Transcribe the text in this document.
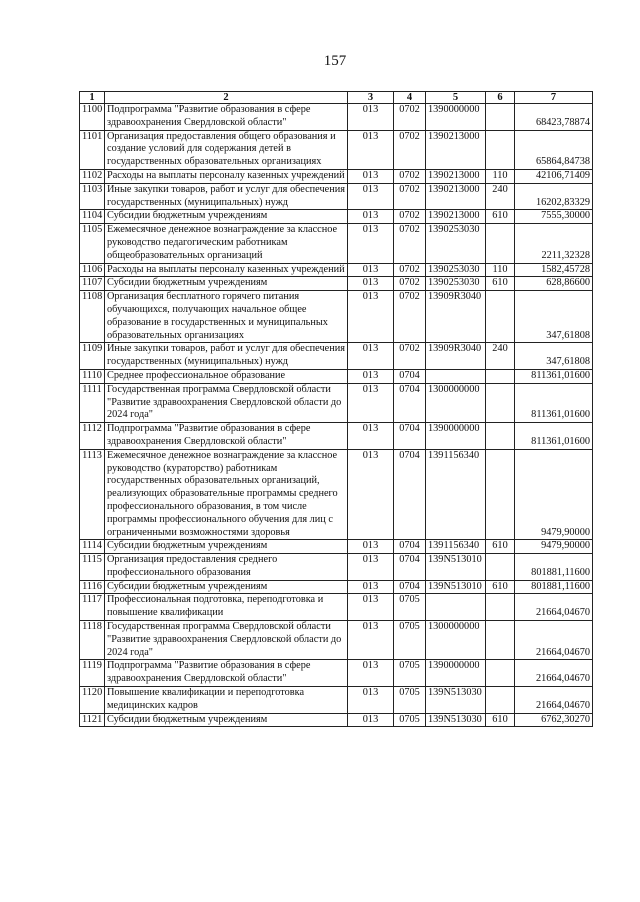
157
1	2	3	4	5	6	7
1100	Подпрограмма "Развитие образования в сфере здравоохранения Свердловской области"	013	0702	1390000000		68423,78874
1101	Организация предоставления общего образования и создание условий для содержания детей в государственных образовательных организациях	013	0702	1390213000		65864,84738
1102	Расходы на выплаты персоналу казенных учреждений	013	0702	1390213000	110	42106,71409
1103	Иные закупки товаров, работ и услуг для обеспечения государственных (муниципальных) нужд	013	0702	1390213000	240	16202,83329
1104	Субсидии бюджетным учреждениям	013	0702	1390213000	610	7555,30000
1105	Ежемесячное денежное вознаграждение за классное руководство педагогическим работникам общеобразовательных организаций	013	0702	1390253030		2211,32328
1106	Расходы на выплаты персоналу казенных учреждений	013	0702	1390253030	110	1582,45728
1107	Субсидии бюджетным учреждениям	013	0702	1390253030	610	628,86600
1108	Организация бесплатного горячего питания обучающихся, получающих начальное общее образование в государственных и муниципальных образовательных организациях	013	0702	13909R3040		347,61808
1109	Иные закупки товаров, работ и услуг для обеспечения государственных (муниципальных) нужд	013	0702	13909R3040	240	347,61808
1110	Среднее профессиональное образование	013	0704			811361,01600
1111	Государственная программа Свердловской области "Развитие здравоохранения Свердловской области до 2024 года"	013	0704	1300000000		811361,01600
1112	Подпрограмма "Развитие образования в сфере здравоохранения Свердловской области"	013	0704	1390000000		811361,01600
1113	Ежемесячное денежное вознаграждение за классное руководство (кураторство) работникам государственных образовательных организаций, реализующих образовательные программы среднего профессионального образования, в том числе программы профессионального обучения для лиц с ограниченными возможностями здоровья	013	0704	1391156340		9479,90000
1114	Субсидии бюджетным учреждениям	013	0704	1391156340	610	9479,90000
1115	Организация предоставления среднего профессионального образования	013	0704	139N513010		801881,11600
1116	Субсидии бюджетным учреждениям	013	0704	139N513010	610	801881,11600
1117	Профессиональная подготовка, переподготовка и повышение квалификации	013	0705			21664,04670
1118	Государственная программа Свердловской области "Развитие здравоохранения Свердловской области до 2024 года"	013	0705	1300000000		21664,04670
1119	Подпрограмма "Развитие образования в сфере здравоохранения Свердловской области"	013	0705	1390000000		21664,04670
1120	Повышение квалификации и переподготовка медицинских кадров	013	0705	139N513030		21664,04670
1121	Субсидии бюджетным учреждениям	013	0705	139N513030	610	6762,30270
